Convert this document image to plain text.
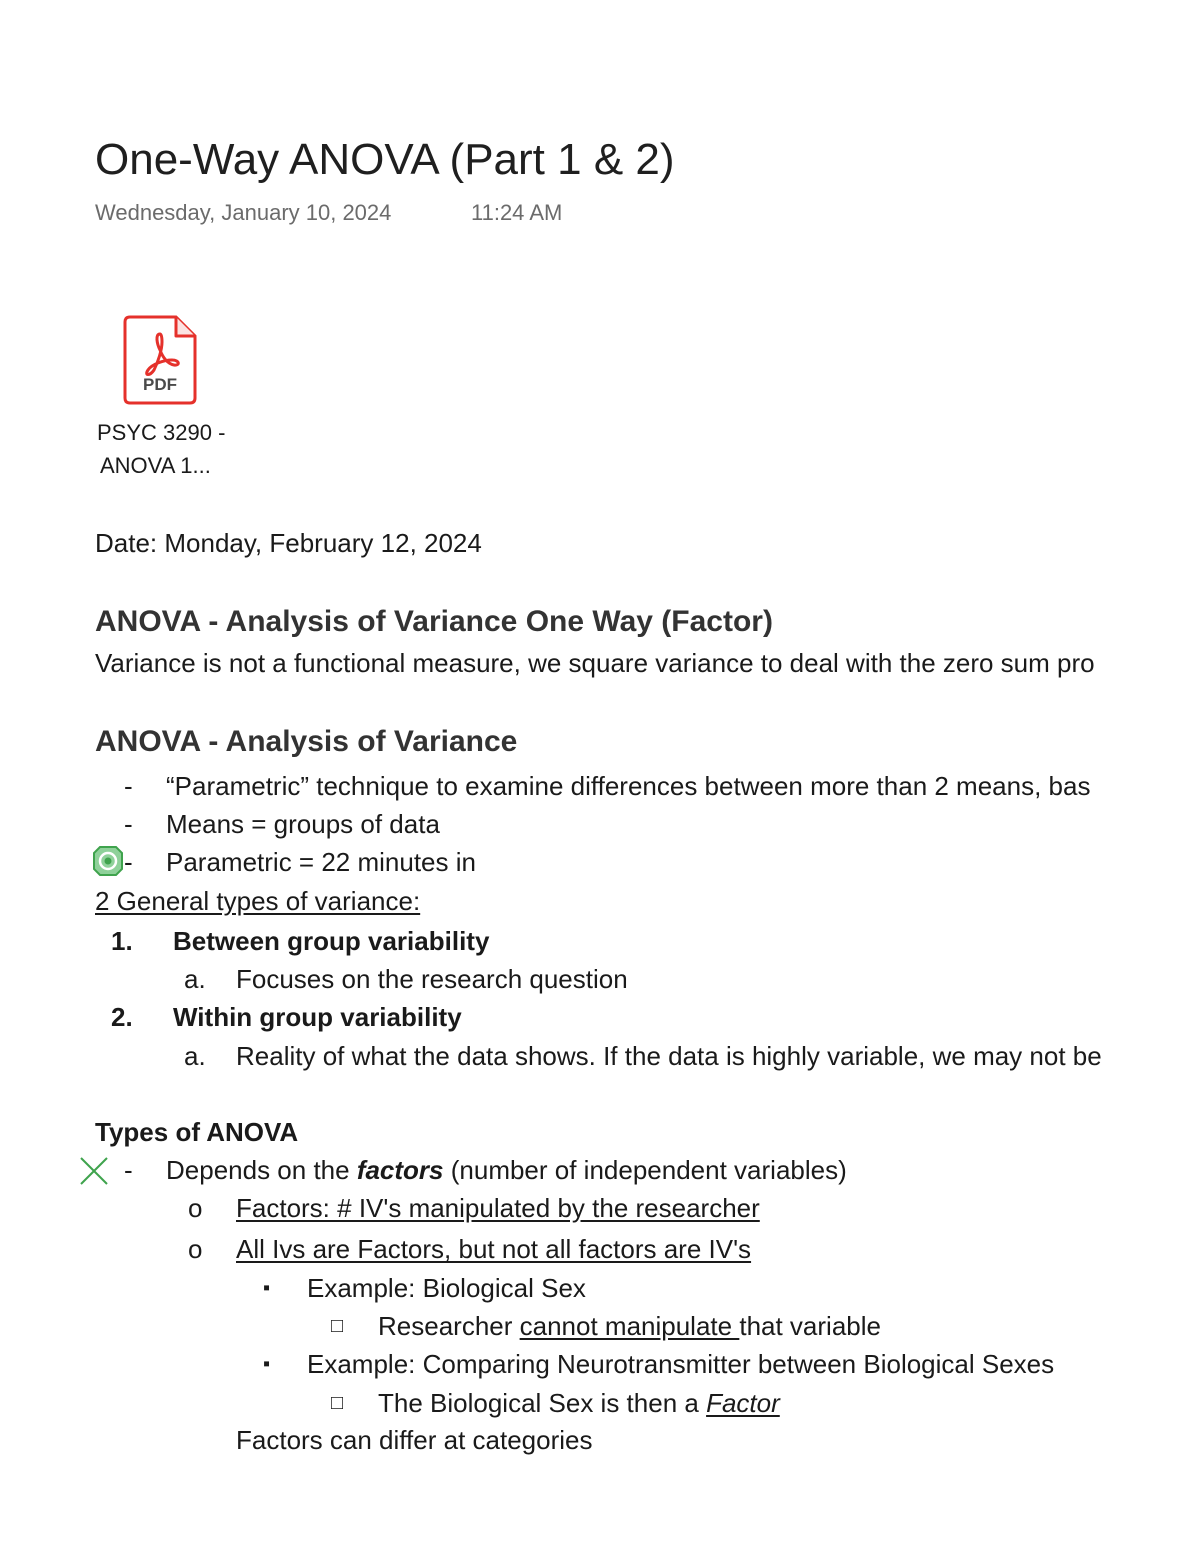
One-Way ANOVA (Part 1 & 2)
Wednesday, January 10, 2024	11:24 AM
PDF
PSYC 3290 -
ANOVA 1...
Date: Monday, February 12, 2024
ANOVA - Analysis of Variance One Way (Factor)
Variance is not a functional measure, we square variance to deal with the zero sum pro
ANOVA - Analysis of Variance
- “Parametric” technique to examine differences between more than 2 means, bas
- Means = groups of data
- Parametric = 22 minutes in
2 General types of variance:
1. Between group variability
a. Focuses on the research question
2. Within group variability
a. Reality of what the data shows. If the data is highly variable, we may not be
Types of ANOVA
- Depends on the factors (number of independent variables)
o Factors: # IV's manipulated by the researcher
o All Ivs are Factors, but not all factors are IV's
▪ Example: Biological Sex
□ Researcher cannot manipulate that variable
▪ Example: Comparing Neurotransmitter between Biological Sexes
□ The Biological Sex is then a Factor
Factors can differ at categories
